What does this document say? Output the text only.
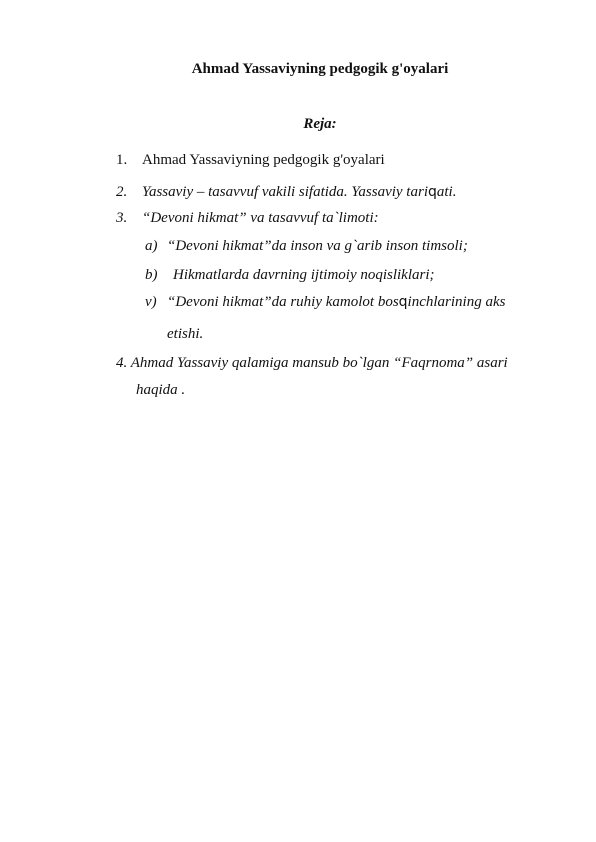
Ahmad Yassaviyning pedgogik g'oyalari
Reja:
1. Ahmad Yassaviyning pedgogik g'oyalari
2. Yassaviy – tasavvuf vakili sifatida. Yassaviy tariqati.
3. “Devoni hikmat” va tasavvuf ta`limoti:
a) “Devoni hikmat”da inson va g`arib inson timsoli;
b) Hikmatlarda davrning ijtimoiy noqisliklari;
v) “Devoni hikmat”da ruhiy kamolot bosqinchlarining aks
etishi.
4. Ahmad Yassaviy qalamiga mansub bo`lgan “Faqrnoma” asari
haqida .
